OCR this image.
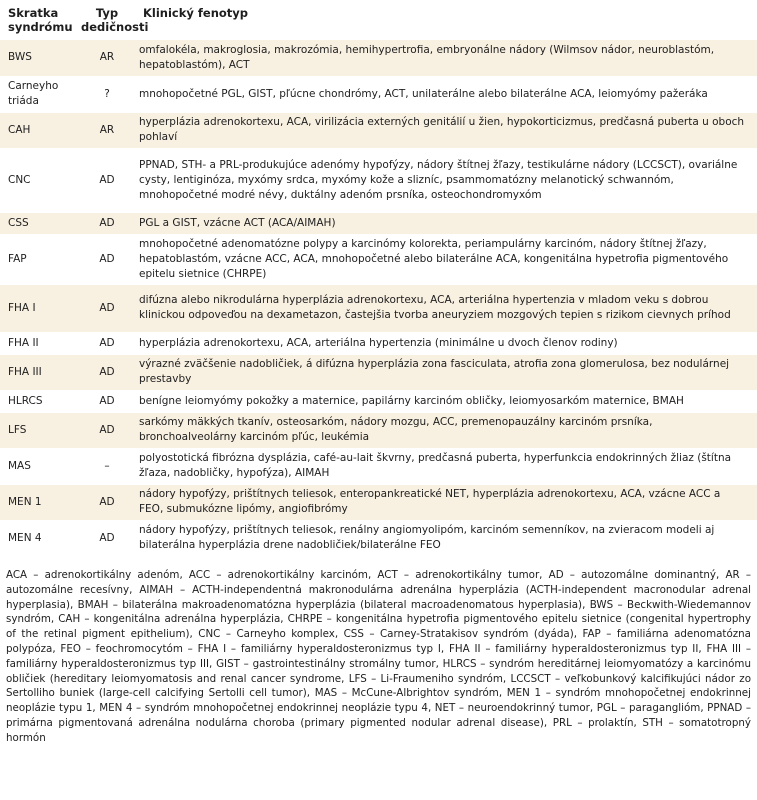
Skratka syndrómu	Typ dedičnosti	Klinický fenotyp
BWS	AR	omfalokéla, makroglosia, makrozómia, hemihypertrofia, embryonálne nádory (Wilmsov nádor, neuroblastóm, hepatoblastóm), ACT
Carneyho triáda	?	mnohopočetné PGL, GIST, pľúcne chondrómy, ACT, unilaterálne alebo bilaterálne ACA, leiomyómy pažeráka
CAH	AR	hyperplázia adrenokortexu, ACA, virilizácia externých genitálií u žien, hypokorticizmus, predčasná puberta u oboch pohlaví
CNC	AD	PPNAD, STH- a PRL-produkujúce adenómy hypofýzy, nádory štítnej žľazy, testikulárne nádory (LCCSCT), ovariálne cysty, lentiginóza, myxómy srdca, myxómy kože a slizníc, psammomatózny melanotický schwannóm, mnohopočetné modré névy, duktálny adenóm prsníka, osteochondromyxóm
CSS	AD	PGL a GIST, vzácne ACT (ACA/AIMAH)
FAP	AD	mnohopočetné adenomatózne polypy a karcinómy kolorekta, periampulárny karcinóm, nádory štítnej žľazy, hepatoblastóm, vzácne ACC, ACA, mnohopočetné alebo bilaterálne ACA, kongenitálna hypetrofia pigmentového epitelu sietnice (CHRPE)
FHA I	AD	difúzna alebo nikrodulárna hyperplázia adrenokortexu, ACA, arteriálna hypertenzia v mladom veku s dobrou klinickou odpoveďou na dexametazon, častejšia tvorba aneuryziem mozgových tepien s rizikom cievnych príhod
FHA II	AD	hyperplázia adrenokortexu, ACA, arteriálna hypertenzia (minimálne u dvoch členov rodiny)
FHA III	AD	výrazné zväčšenie nadobličiek, á difúzna hyperplázia zona fasciculata, atrofia zona glomerulosa, bez nodulárnej prestavby
HLRCS	AD	benígne leiomyómy pokožky a maternice, papilárny karcinóm obličky, leiomyosarkóm maternice, BMAH
LFS	AD	sarkómy mäkkých tkanív, osteosarkóm, nádory mozgu, ACC, premenopauzálny karcinóm prsníka, bronchoalveolárny karcinóm pľúc, leukémia
MAS	–	polyostotická fibrózna dysplázia, café-au-lait škvrny, predčasná puberta, hyperfunkcia endokrinných žliaz (štítna žľaza, nadobličky, hypofýza), AIMAH
MEN 1	AD	nádory hypofýzy, prištítnych teliesok, enteropankreatické NET, hyperplázia adrenokortexu, ACA, vzácne ACC a FEO, submukózne lipómy, angiofibrómy
MEN 4	AD	nádory hypofýzy, prištítnych teliesok, renálny angiomyolipóm, karcinóm semenníkov, na zvieracom modeli aj bilaterálna hyperplázia drene nadobličiek/bilaterálne FEO
ACA – adrenokortikálny adenóm, ACC – adrenokortikálny karcinóm, ACT – adrenokortikálny tumor, AD – autozomálne dominantný, AR – autozomálne recesívny, AIMAH – ACTH-independentná makronodulárna adrenálna hyperplázia (ACTH-independent macronodular adrenal hyperplasia), BMAH – bilaterálna makroadenomatózna hyperplázia (bilateral macroadenomatous hyperplasia), BWS – Beckwith-Wiedemannov syndróm, CAH – kongenitálna adrenálna hyperplázia, CHRPE – kongenitálna hypetrofia pigmentového epitelu sietnice (congenital hypertrophy of the retinal pigment epithelium), CNC – Carneyho komplex, CSS – Carney-Stratakisov syndróm (dyáda), FAP – familiárna adenomatózna polypóza, FEO – feochromocytóm – FHA I – familiárny hyperaldosteronizmus typ I, FHA II – familiárny hyperaldosteronizmus typ II, FHA III – familiárny hyperaldosteronizmus typ III, GIST – gastrointestinálny stromálny tumor, HLRCS – syndróm hereditárnej leiomyomatózy a karcinómu obličiek (hereditary leiomyomatosis and renal cancer syndrome, LFS – Li-Fraumeniho syndróm, LCCSCT – veľkobunkový kalcifikujúci nádor zo Sertolliho buniek (large-cell calcifying Sertolli cell tumor), MAS – McCune-Albrightov syndróm, MEN 1 – syndróm mnohopočetnej endokrinnej neoplázie typu 1, MEN 4 – syndróm mnohopočetnej endokrinnej neoplázie typu 4, NET – neuroendokrinný tumor, PGL – paragangliόm, PPNAD – primárna pigmentovaná adrenálna nodulárna choroba (primary pigmented nodular adrenal disease), PRL – prolaktín, STH – somatotropný hormón
